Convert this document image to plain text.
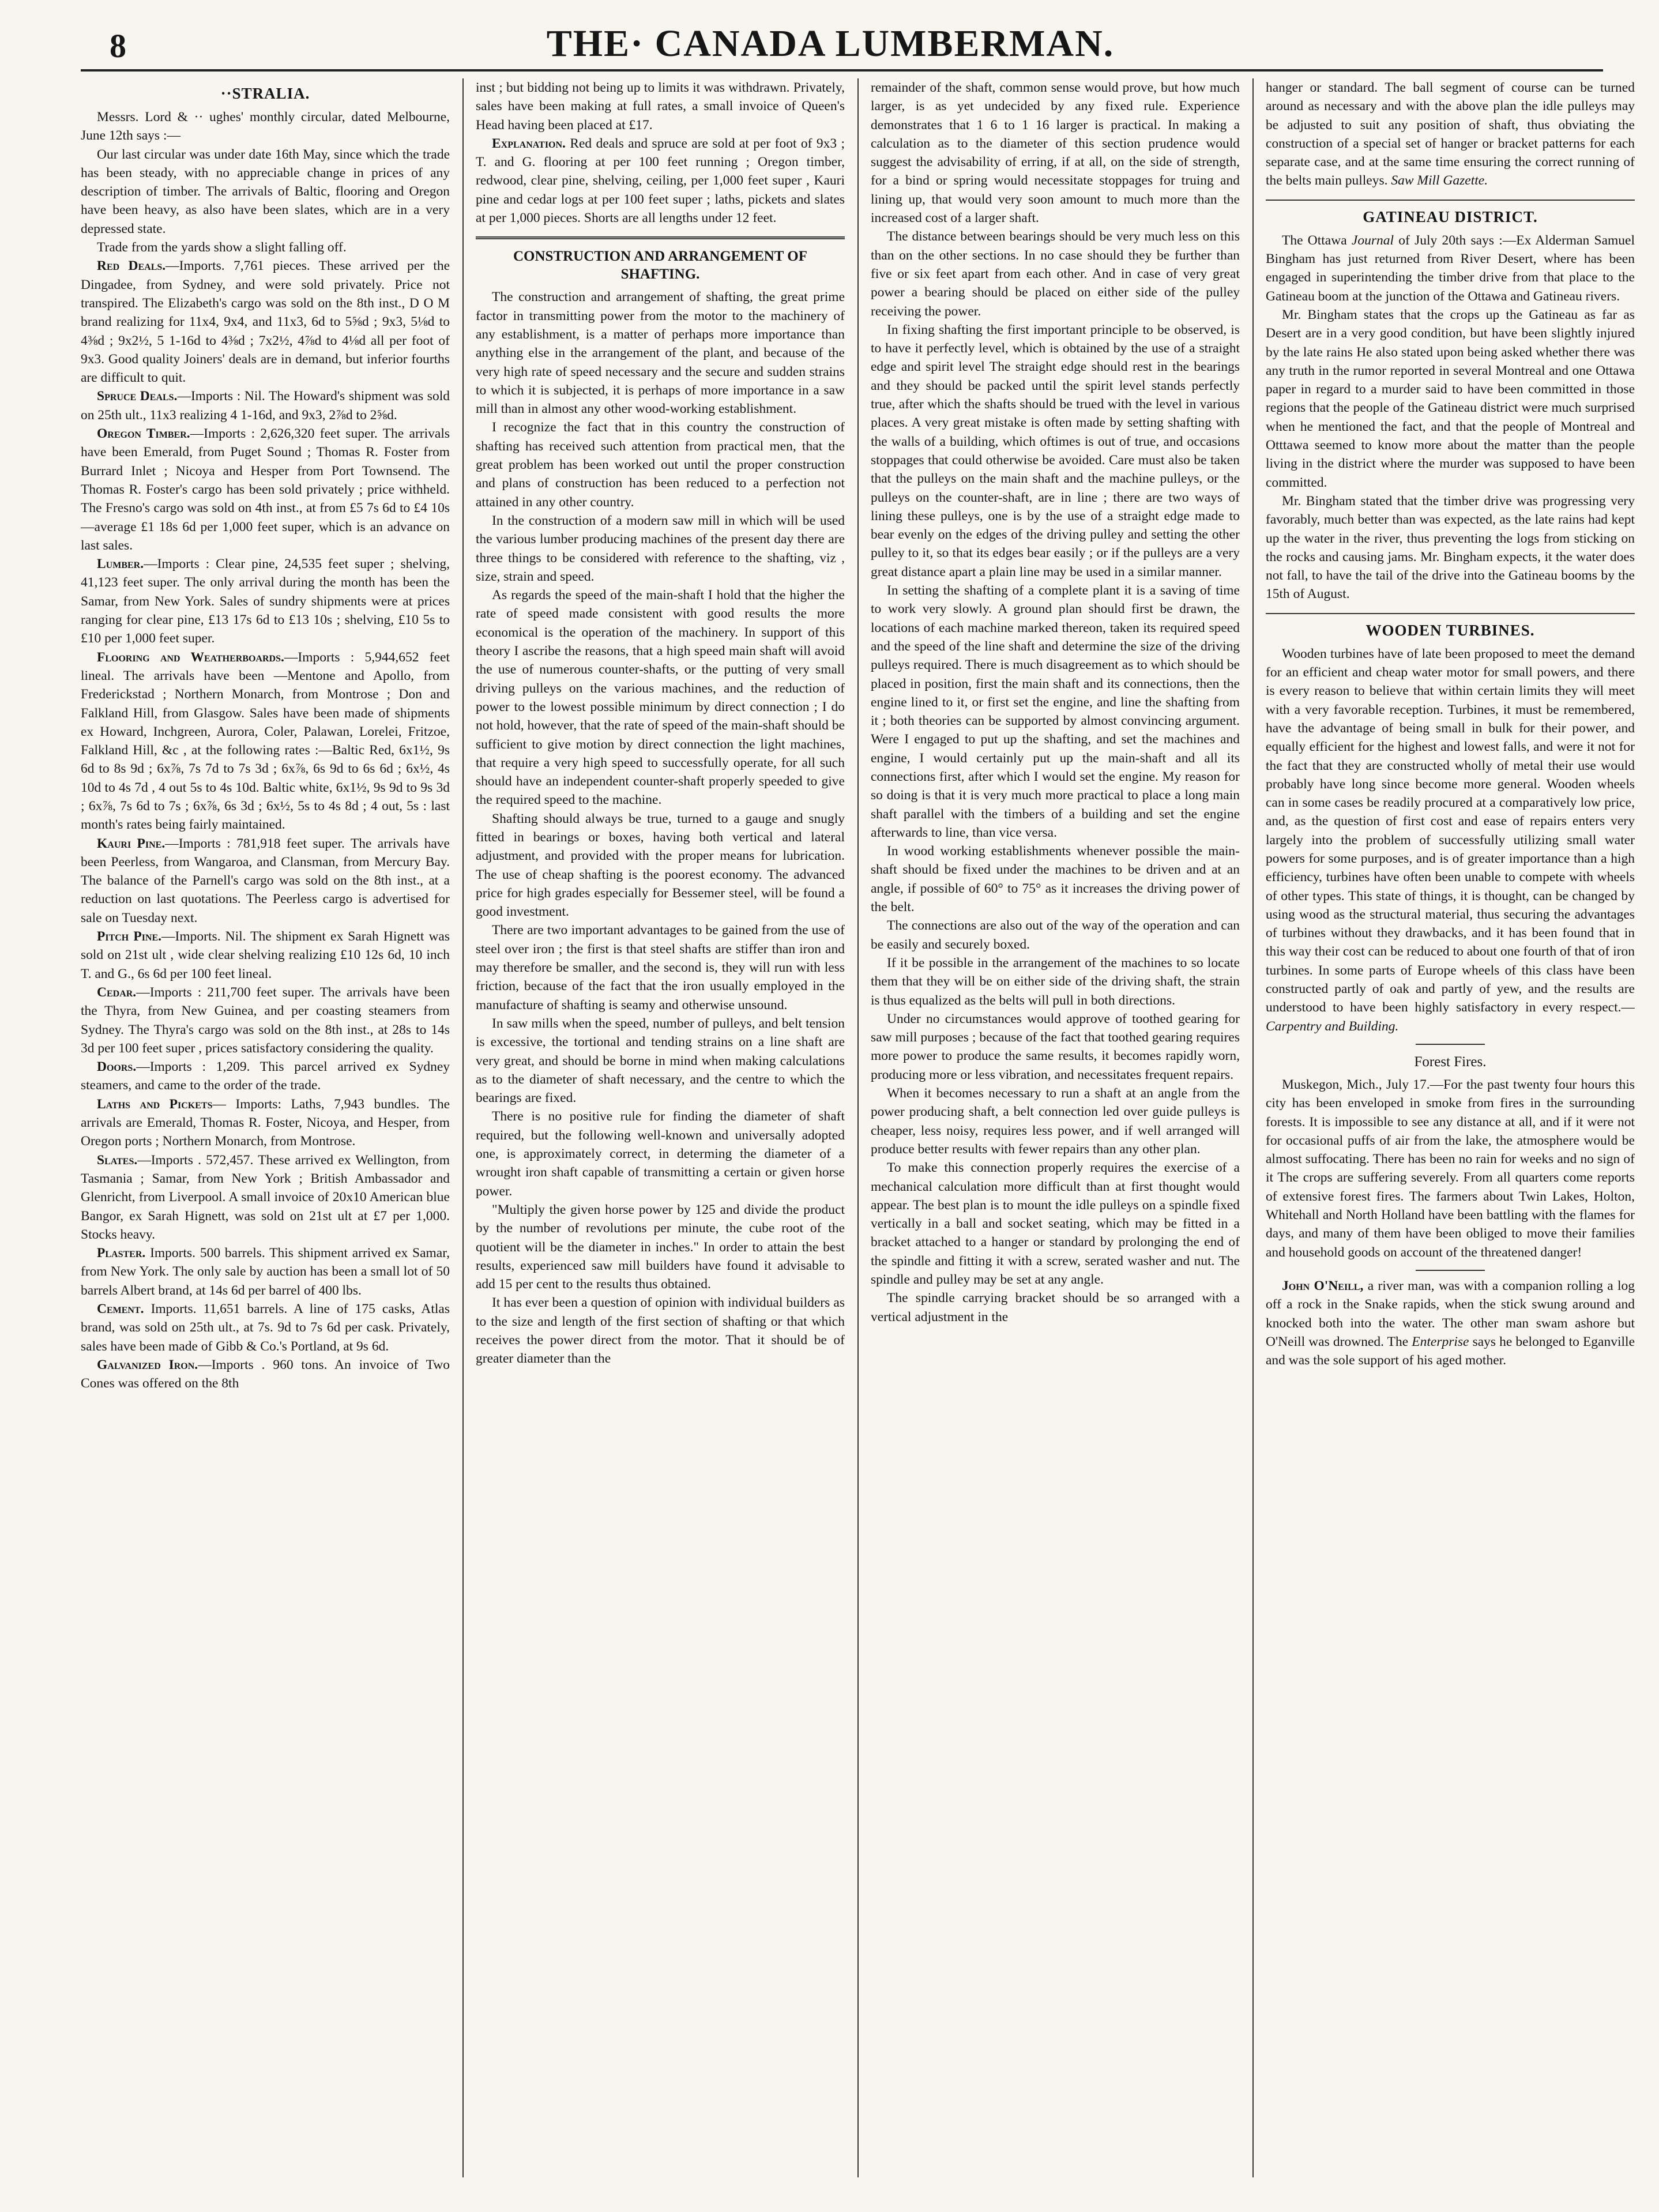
8	THE· CANADA LUMBERMAN.
··STRALIA.

Messrs. Lord & ·· ughes' monthly circular, dated Melbourne, June 12th says :—

Our last circular was under date 16th May, since which the trade has been steady, with no appreciable change in prices of any description of timber. The arrivals of Baltic, flooring and Oregon have been heavy, as also have been slates, which are in a very depressed state.

Trade from the yards show a slight falling off.

Red Deals.—Imports. 7,761 pieces. These arrived per the Dingadee, from Sydney, and were sold privately. Price not transpired. The Elizabeth's cargo was sold on the 8th inst., D O M brand realizing for 11x4, 9x4, and 11x3, 6d to 5⅝d ; 9x3, 5⅛d to 4⅜d ; 9x2½, 5 1-16d to 4⅜d ; 7x2½, 4⅞d to 4⅛d all per foot of 9x3. Good quality Joiners' deals are in demand, but inferior fourths are difficult to quit.

Spruce Deals.—Imports : Nil. The Howard's shipment was sold on 25th ult., 11x3 realizing 4 1-16d, and 9x3, 2⅞d to 2⅝d.

Oregon Timber.—Imports : 2,626,320 feet super. The arrivals have been Emerald, from Puget Sound ; Thomas R. Foster from Burrard Inlet ; Nicoya and Hesper from Port Townsend. The Thomas R. Foster's cargo has been sold privately ; price withheld. The Fresno's cargo was sold on 4th inst., at from £5 7s 6d to £4 10s—average £1 18s 6d per 1,000 feet super, which is an advance on last sales.

Lumber.—Imports : Clear pine, 24,535 feet super ; shelving, 41,123 feet super. The only arrival during the month has been the Samar, from New York. Sales of sundry shipments were at prices ranging for clear pine, £13 17s 6d to £13 10s ; shelving, £10 5s to £10 per 1,000 feet super.

Flooring and Weatherboards.—Imports : 5,944,652 feet lineal. The arrivals have been —Mentone and Apollo, from Frederickstad ; Northern Monarch, from Montrose ; Don and Falkland Hill, from Glasgow. Sales have been made of shipments ex Howard, Inchgreen, Aurora, Coler, Palawan, Lorelei, Fritzoe, Falkland Hill, &c , at the following rates :—Baltic Red, 6x1½, 9s 6d to 8s 9d ; 6x⅞, 7s 7d to 7s 3d ; 6x⅞, 6s 9d to 6s 6d ; 6x½, 4s 10d to 4s 7d , 4 out 5s to 4s 10d. Baltic white, 6x1½, 9s 9d to 9s 3d ; 6x⅞, 7s 6d to 7s ; 6x⅞, 6s 3d ; 6x½, 5s to 4s 8d ; 4 out, 5s : last month's rates being fairly maintained.

Kauri Pine.—Imports : 781,918 feet super. The arrivals have been Peerless, from Wangaroa, and Clansman, from Mercury Bay. The balance of the Parnell's cargo was sold on the 8th inst., at a reduction on last quotations. The Peerless cargo is advertised for sale on Tuesday next.

Pitch Pine.—Imports. Nil. The shipment ex Sarah Hignett was sold on 21st ult , wide clear shelving realizing £10 12s 6d, 10 inch T. and G., 6s 6d per 100 feet lineal.

Cedar.—Imports : 211,700 feet super. The arrivals have been the Thyra, from New Guinea, and per coasting steamers from Sydney. The Thyra's cargo was sold on the 8th inst., at 28s to 14s 3d per 100 feet super , prices satisfactory considering the quality.

Doors.—Imports : 1,209. This parcel arrived ex Sydney steamers, and came to the order of the trade.

Laths and Pickets— Imports: Laths, 7,943 bundles. The arrivals are Emerald, Thomas R. Foster, Nicoya, and Hesper, from Oregon ports ; Northern Monarch, from Montrose.

Slates.—Imports . 572,457. These arrived ex Wellington, from Tasmania ; Samar, from New York ; British Ambassador and Glenricht, from Liverpool. A small invoice of 20x10 American blue Bangor, ex Sarah Hignett, was sold on 21st ult at £7 per 1,000. Stocks heavy.

Plaster. Imports. 500 barrels. This shipment arrived ex Samar, from New York. The only sale by auction has been a small lot of 50 barrels Albert brand, at 14s 6d per barrel of 400 lbs.

Cement. Imports. 11,651 barrels. A line of 175 casks, Atlas brand, was sold on 25th ult., at 7s. 9d to 7s 6d per cask. Privately, sales have been made of Gibb & Co.'s Portland, at 9s 6d.

Galvanized Iron.—Imports . 960 tons. An invoice of Two Cones was offered on the 8th

inst ; but bidding not being up to limits it was withdrawn. Privately, sales have been making at full rates, a small invoice of Queen's Head having been placed at £17.

Explanation. Red deals and spruce are sold at per foot of 9x3 ; T. and G. flooring at per 100 feet running ; Oregon timber, redwood, clear pine, shelving, ceiling, per 1,000 feet super , Kauri pine and cedar logs at per 100 feet super ; laths, pickets and slates at per 1,000 pieces. Shorts are all lengths under 12 feet.

CONSTRUCTION AND ARRANGEMENT OF SHAFTING.

The construction and arrangement of shafting, the great prime factor in transmitting power from the motor to the machinery of any establishment, is a matter of perhaps more importance than anything else in the arrangement of the plant, and because of the very high rate of speed necessary and the secure and sudden strains to which it is subjected, it is perhaps of more importance in a saw mill than in almost any other wood-working establishment.

I recognize the fact that in this country the construction of shafting has received such attention from practical men, that the great problem has been worked out until the proper construction and plans of construction has been reduced to a perfection not attained in any other country.

In the construction of a modern saw mill in which will be used the various lumber producing machines of the present day there are three things to be considered with reference to the shafting, viz , size, strain and speed.

As regards the speed of the main-shaft I hold that the higher the rate of speed made consistent with good results the more economical is the operation of the machinery. In support of this theory I ascribe the reasons, that a high speed main shaft will avoid the use of numerous counter-shafts, or the putting of very small driving pulleys on the various machines, and the reduction of power to the lowest possible minimum by direct connection ; I do not hold, however, that the rate of speed of the main-shaft should be sufficient to give motion by direct connection the light machines, that require a very high speed to successfully operate, for all such should have an independent counter-shaft properly speeded to give the required speed to the machine.

Shafting should always be true, turned to a gauge and snugly fitted in bearings or boxes, having both vertical and lateral adjustment, and provided with the proper means for lubrication. The use of cheap shafting is the poorest economy. The advanced price for high grades especially for Bessemer steel, will be found a good investment.

There are two important advantages to be gained from the use of steel over iron ; the first is that steel shafts are stiffer than iron and may therefore be smaller, and the second is, they will run with less friction, because of the fact that the iron usually employed in the manufacture of shafting is seamy and otherwise unsound.

In saw mills when the speed, number of pulleys, and belt tension is excessive, the tortional and tending strains on a line shaft are very great, and should be borne in mind when making calculations as to the diameter of shaft necessary, and the centre to which the bearings are fixed.

There is no positive rule for finding the diameter of shaft required, but the following well-known and universally adopted one, is approximately correct, in determing the diameter of a wrought iron shaft capable of transmitting a certain or given horse power.

"Multiply the given horse power by 125 and divide the product by the number of revolutions per minute, the cube root of the quotient will be the diameter in inches." In order to attain the best results, experienced saw mill builders have found it advisable to add 15 per cent to the results thus obtained.

It has ever been a question of opinion with individual builders as to the size and length of the first section of shafting or that which receives the power direct from the motor. That it should be of greater diameter than the

remainder of the shaft, common sense would prove, but how much larger, is as yet undecided by any fixed rule. Experience demonstrates that 1 6 to 1 16 larger is practical. In making a calculation as to the diameter of this section prudence would suggest the advisability of erring, if at all, on the side of strength, for a bind or spring would necessitate stoppages for truing and lining up, that would very soon amount to much more than the increased cost of a larger shaft.

The distance between bearings should be very much less on this than on the other sections. In no case should they be further than five or six feet apart from each other. And in case of very great power a bearing should be placed on either side of the pulley receiving the power.

In fixing shafting the first important principle to be observed, is to have it perfectly level, which is obtained by the use of a straight edge and spirit level The straight edge should rest in the bearings and they should be packed until the spirit level stands perfectly true, after which the shafts should be trued with the level in various places. A very great mistake is often made by setting shafting with the walls of a building, which oftimes is out of true, and occasions stoppages that could otherwise be avoided. Care must also be taken that the pulleys on the main shaft and the machine pulleys, or the pulleys on the counter-shaft, are in line ; there are two ways of lining these pulleys, one is by the use of a straight edge made to bear evenly on the edges of the driving pulley and setting the other pulley to it, so that its edges bear easily ; or if the pulleys are a very great distance apart a plain line may be used in a similar manner.

In setting the shafting of a complete plant it is a saving of time to work very slowly. A ground plan should first be drawn, the locations of each machine marked thereon, taken its required speed and the speed of the line shaft and determine the size of the driving pulleys required. There is much disagreement as to which should be placed in position, first the main shaft and its connections, then the engine lined to it, or first set the engine, and line the shafting from it ; both theories can be supported by almost convincing argument. Were I engaged to put up the shafting, and set the machines and engine, I would certainly put up the main-shaft and all its connections first, after which I would set the engine. My reason for so doing is that it is very much more practical to place a long main shaft parallel with the timbers of a building and set the engine afterwards to line, than vice versa.

In wood working establishments whenever possible the main-shaft should be fixed under the machines to be driven and at an angle, if possible of 60° to 75° as it increases the driving power of the belt.

The connections are also out of the way of the operation and can be easily and securely boxed.

If it be possible in the arrangement of the machines to so locate them that they will be on either side of the driving shaft, the strain is thus equalized as the belts will pull in both directions.

Under no circumstances would approve of toothed gearing for saw mill purposes ; because of the fact that toothed gearing requires more power to produce the same results, it becomes rapidly worn, producing more or less vibration, and necessitates frequent repairs.

When it becomes necessary to run a shaft at an angle from the power producing shaft, a belt connection led over guide pulleys is cheaper, less noisy, requires less power, and if well arranged will produce better results with fewer repairs than any other plan.

To make this connection properly requires the exercise of a mechanical calculation more difficult than at first thought would appear. The best plan is to mount the idle pulleys on a spindle fixed vertically in a ball and socket seating, which may be fitted in a bracket attached to a hanger or standard by prolonging the end of the spindle and fitting it with a screw, serated washer and nut. The spindle and pulley may be set at any angle.

The spindle carrying bracket should be so arranged with a vertical adjustment in the

hanger or standard. The ball segment of course can be turned around as necessary and with the above plan the idle pulleys may be adjusted to suit any position of shaft, thus obviating the construction of a special set of hanger or bracket patterns for each separate case, and at the same time ensuring the correct running of the belts main pulleys. Saw Mill Gazette.

GATINEAU DISTRICT.

The Ottawa Journal of July 20th says :—Ex Alderman Samuel Bingham has just returned from River Desert, where has been engaged in superintending the timber drive from that place to the Gatineau boom at the junction of the Ottawa and Gatineau rivers.

Mr. Bingham states that the crops up the Gatineau as far as Desert are in a very good condition, but have been slightly injured by the late rains He also stated upon being asked whether there was any truth in the rumor reported in several Montreal and one Ottawa paper in regard to a murder said to have been committed in those regions that the people of the Gatineau district were much surprised when he mentioned the fact, and that the people of Montreal and Otttawa seemed to know more about the matter than the people living in the district where the murder was supposed to have been committed.

Mr. Bingham stated that the timber drive was progressing very favorably, much better than was expected, as the late rains had kept up the water in the river, thus preventing the logs from sticking on the rocks and causing jams. Mr. Bingham expects, it the water does not fall, to have the tail of the drive into the Gatineau booms by the 15th of August.

WOODEN TURBINES.

Wooden turbines have of late been proposed to meet the demand for an efficient and cheap water motor for small powers, and there is every reason to believe that within certain limits they will meet with a very favorable reception. Turbines, it must be remembered, have the advantage of being small in bulk for their power, and equally efficient for the highest and lowest falls, and were it not for the fact that they are constructed wholly of metal their use would probably have long since become more general. Wooden wheels can in some cases be readily procured at a comparatively low price, and, as the question of first cost and ease of repairs enters very largely into the problem of successfully utilizing small water powers for some purposes, and is of greater importance than a high efficiency, turbines have often been unable to compete with wheels of other types. This state of things, it is thought, can be changed by using wood as the structural material, thus securing the advantages of turbines without they drawbacks, and it has been found that in this way their cost can be reduced to about one fourth of that of iron turbines. In some parts of Europe wheels of this class have been constructed partly of oak and partly of yew, and the results are understood to have been highly satisfactory in every respect.—Carpentry and Building.

Forest Fires.

Muskegon, Mich., July 17.—For the past twenty four hours this city has been enveloped in smoke from fires in the surrounding forests. It is impossible to see any distance at all, and if it were not for occasional puffs of air from the lake, the atmosphere would be almost suffocating. There has been no rain for weeks and no sign of it The crops are suffering severely. From all quarters come reports of extensive forest fires. The farmers about Twin Lakes, Holton, Whitehall and North Holland have been battling with the flames for days, and many of them have been obliged to move their families and household goods on account of the threatened danger!

John O'Neill, a river man, was with a companion rolling a log off a rock in the Snake rapids, when the stick swung around and knocked both into the water. The other man swam ashore but O'Neill was drowned. The Enterprise says he belonged to Eganville and was the sole support of his aged mother.
